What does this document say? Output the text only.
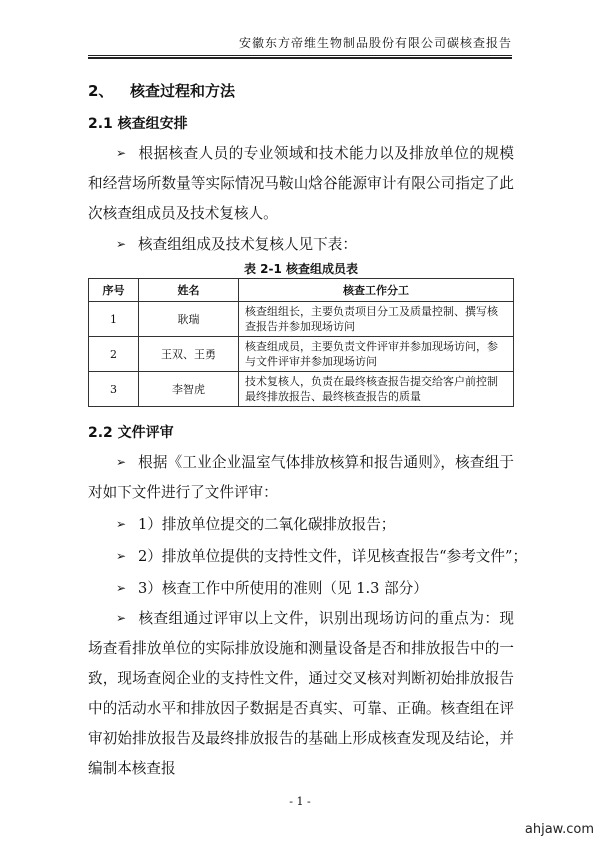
安徽东方帝维生物制品股份有限公司碳核查报告
2、 核查过程和方法
2.1 核查组安排
➢ 根据核查人员的专业领域和技术能力以及排放单位的规模和经营场所数量等实际情况马鞍山焓谷能源审计有限公司指定了此次核查组成员及技术复核人。
➢ 核查组组成及技术复核人见下表：
表 2-1 核查组成员表
序号	姓名	核查工作分工
1	耿瑞	核查组组长，主要负责项目分工及质量控制、撰写核查报告并参加现场访问
2	王双、王勇	核查组成员，主要负责文件评审并参加现场访问，参与文件评审并参加现场访问
3	李智虎	技术复核人，负责在最终核查报告提交给客户前控制最终排放报告、最终核查报告的质量
2.2 文件评审
➢ 根据《工业企业温室气体排放核算和报告通则》，核查组于对如下文件进行了文件评审：
➢ 1）排放单位提交的二氧化碳排放报告；
➢ 2）排放单位提供的支持性文件，详见核查报告“参考文件”；
➢ 3）核查工作中所使用的准则（见 1.3 部分）
➢ 核查组通过评审以上文件，识别出现场访问的重点为：现场查看排放单位的实际排放设施和测量设备是否和排放报告中的一致，现场查阅企业的支持性文件，通过交叉核对判断初始排放报告中的活动水平和排放因子数据是否真实、可靠、正确。核查组在评审初始排放报告及最终排放报告的基础上形成核查发现及结论，并编制本核查报
- 1 -
ahjaw.com
